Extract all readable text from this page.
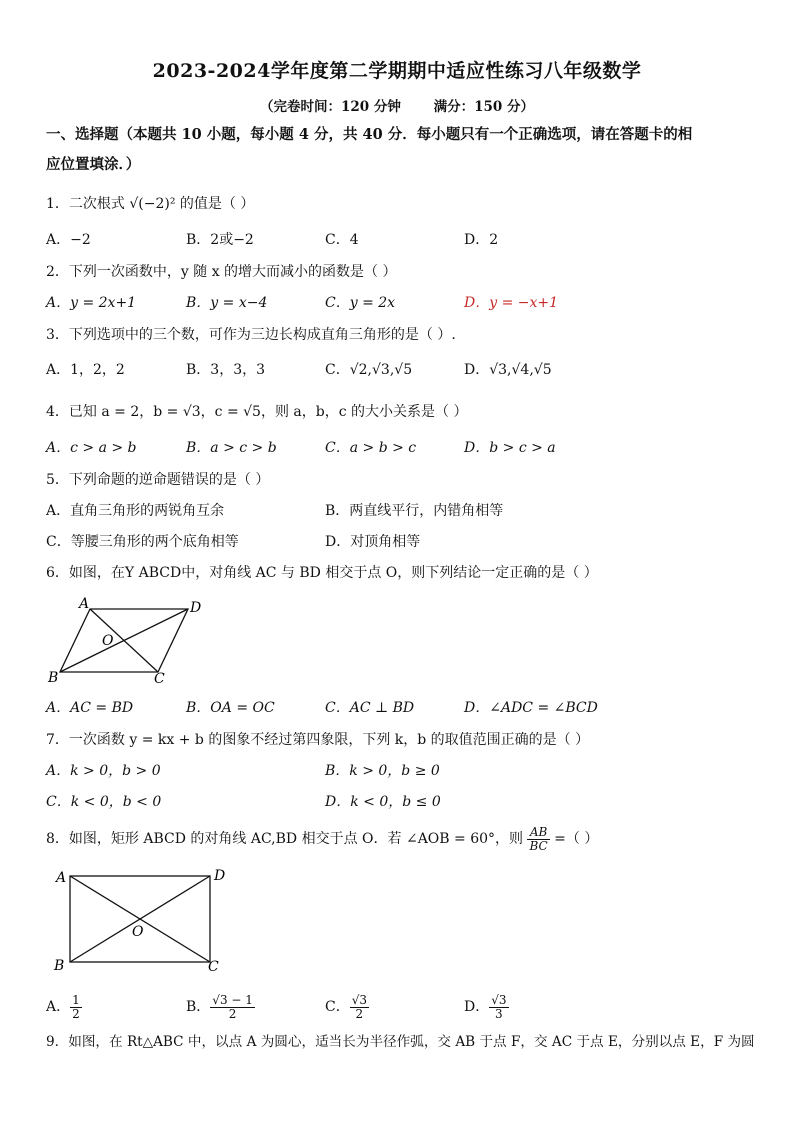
2023-2024学年度第二学期期中适应性练习八年级数学
（完卷时间：120 分钟 满分：150 分）
一、选择题（本题共 10 小题，每小题 4 分，共 40 分．每小题只有一个正确选项，请在答题卡的相
应位置填涂．）
1．二次根式 √(−2)² 的值是（ ）
A．−2	B．2或−2	C．4	D．2
2．下列一次函数中，y 随 x 的增大而减小的函数是（ ）
A．y = 2x+1	B．y = x−4	C．y = 2x	D．y = −x+1
3．下列选项中的三个数，可作为三边长构成直角三角形的是（ ）.
A．1，2，2	B．3，3，3	C．√2,√3,√5	D．√3,√4,√5
4．已知 a = 2，b = √3，c = √5，则 a，b，c 的大小关系是（ ）
A．c > a > b	B．a > c > b	C．a > b > c	D．b > c > a
5．下列命题的逆命题错误的是（ ）
A．直角三角形的两锐角互余	B．两直线平行，内错角相等
C．等腰三角形的两个底角相等	D．对顶角相等
6．如图，在Y ABCD中，对角线 AC 与 BD 相交于点 O，则下列结论一定正确的是（ ）
A	D
O
B	C
A．AC = BD	B．OA = OC	C．AC ⊥ BD	D．∠ADC = ∠BCD
7．一次函数 y = kx + b 的图象不经过第四象限，下列 k，b 的取值范围正确的是（ ）
A．k > 0，b > 0	B．k > 0，b ≥ 0
C．k < 0，b < 0	D．k < 0，b ≤ 0
8．如图，矩形 ABCD 的对角线 AC,BD 相交于点 O．若 ∠AOB = 60°，则 $\frac{AB}{BC}$ =（ ）
A	D
O
B	C
A． $\frac{1}{2}$	B． $\frac{√3 - 1}{2}$	C． $\frac{√3}{2}$	D． $\frac{√3}{3}$
9．如图，在 Rt△ABC 中，以点 A 为圆心，适当长为半径作弧，交 AB 于点 F，交 AC 于点 E，分别以点 E，F 为圆
